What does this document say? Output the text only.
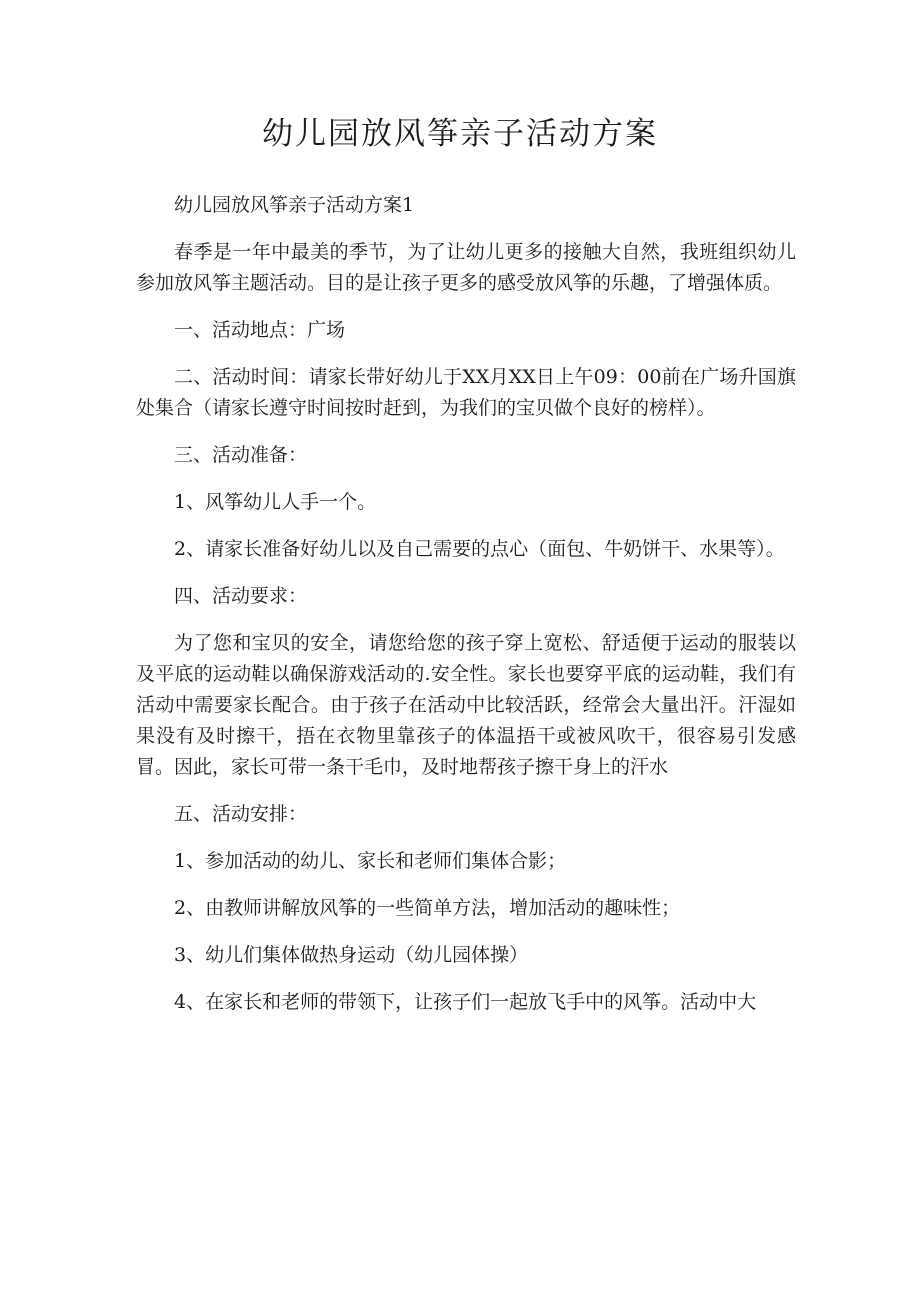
幼儿园放风筝亲子活动方案

幼儿园放风筝亲子活动方案1

春季是一年中最美的季节，为了让幼儿更多的接触大自然，我班组织幼儿参加放风筝主题活动。目的是让孩子更多的感受放风筝的乐趣，了增强体质。

一、活动地点：广场

二、活动时间：请家长带好幼儿于XX月XX日上午09：00前在广场升国旗处集合（请家长遵守时间按时赶到，为我们的宝贝做个良好的榜样）。

三、活动准备：

1、风筝幼儿人手一个。

2、请家长准备好幼儿以及自己需要的点心（面包、牛奶饼干、水果等）。

四、活动要求：

为了您和宝贝的安全，请您给您的孩子穿上宽松、舒适便于运动的服装以及平底的运动鞋以确保游戏活动的.安全性。家长也要穿平底的运动鞋，我们有活动中需要家长配合。由于孩子在活动中比较活跃，经常会大量出汗。汗湿如果没有及时擦干，捂在衣物里靠孩子的体温捂干或被风吹干，很容易引发感冒。因此，家长可带一条干毛巾，及时地帮孩子擦干身上的汗水

五、活动安排：

1、参加活动的幼儿、家长和老师们集体合影；

2、由教师讲解放风筝的一些简单方法，增加活动的趣味性；

3、幼儿们集体做热身运动（幼儿园体操）

4、在家长和老师的带领下，让孩子们一起放飞手中的风筝。活动中大
